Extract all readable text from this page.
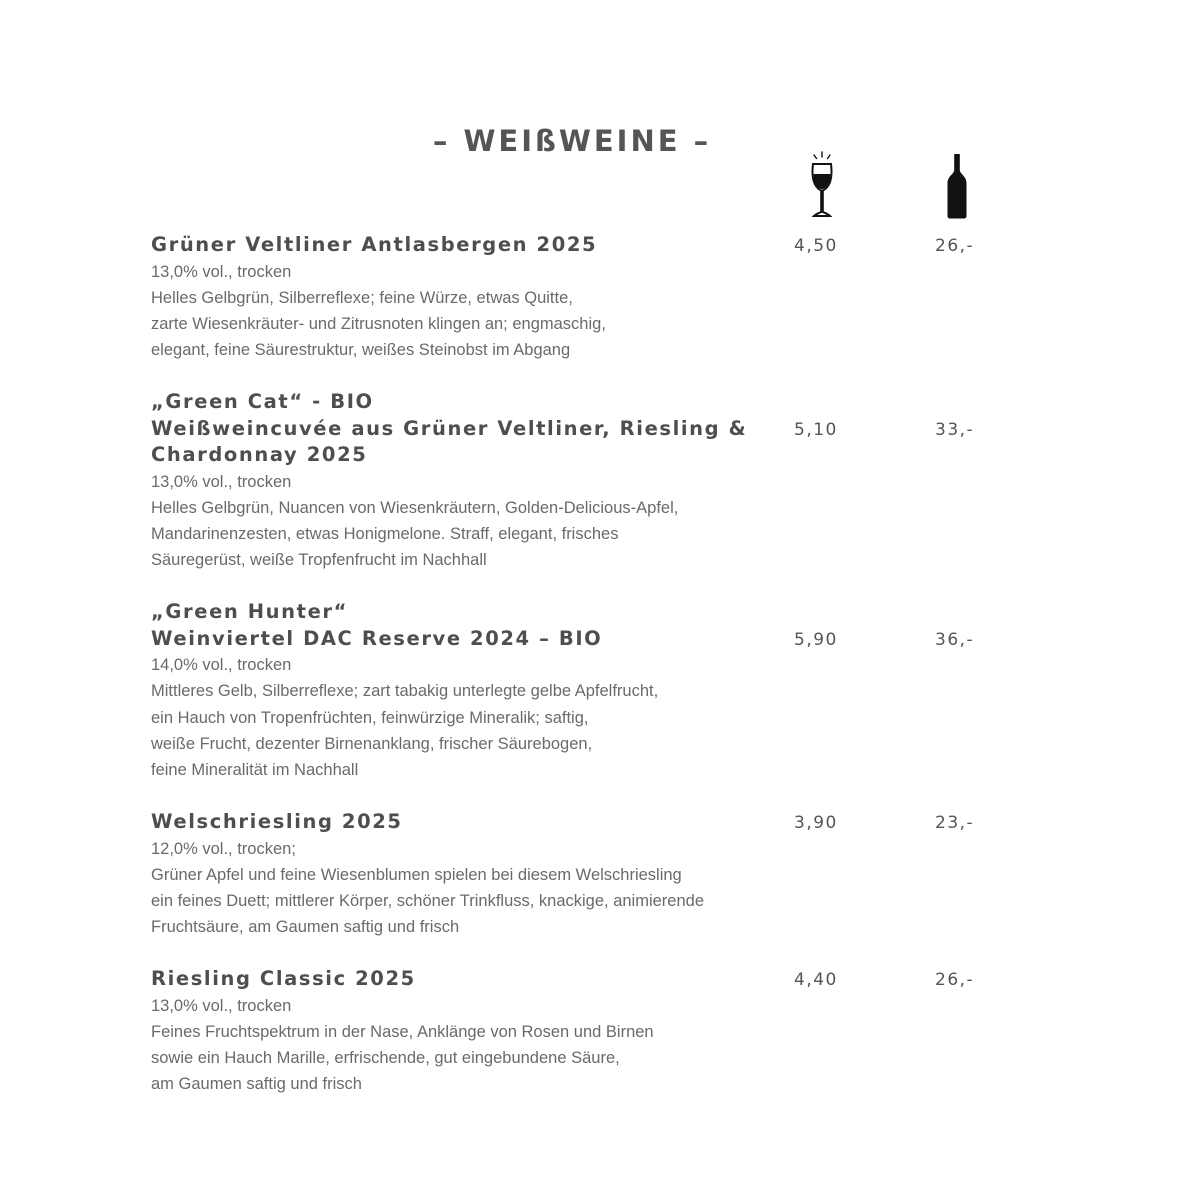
– WEIßWEINE –
Grüner Veltliner Antlasbergen 2025
13,0% vol., trocken
Helles Gelbgrün, Silberreflexe; feine Würze, etwas Quitte,
zarte Wiesenkräuter- und Zitrusnoten klingen an; engmaschig,
elegant, feine Säurestruktur, weißes Steinobst im Abgang
4,50	26,-
„Green Cat“ - BIO
Weißweincuvée aus Grüner Veltliner, Riesling &
Chardonnay 2025
13,0% vol., trocken
Helles Gelbgrün, Nuancen von Wiesenkräutern, Golden-Delicious-Apfel,
Mandarinenzesten, etwas Honigmelone. Straff, elegant, frisches
Säuregerüst, weiße Tropfenfrucht im Nachhall
5,10	33,-
„Green Hunter“
Weinviertel DAC Reserve 2024 – BIO
14,0% vol., trocken
Mittleres Gelb, Silberreflexe; zart tabakig unterlegte gelbe Apfelfrucht,
ein Hauch von Tropenfrüchten, feinwürzige Mineralik; saftig,
weiße Frucht, dezenter Birnenanklang, frischer Säurebogen,
feine Mineralität im Nachhall
5,90	36,-
Welschriesling 2025
12,0% vol., trocken;
Grüner Apfel und feine Wiesenblumen spielen bei diesem Welschriesling
ein feines Duett; mittlerer Körper, schöner Trinkfluss, knackige, animierende
Fruchtsäure, am Gaumen saftig und frisch
3,90	23,-
Riesling Classic 2025
13,0% vol., trocken
Feines Fruchtspektrum in der Nase, Anklänge von Rosen und Birnen
sowie ein Hauch Marille, erfrischende, gut eingebundene Säure,
am Gaumen saftig und frisch
4,40	26,-
